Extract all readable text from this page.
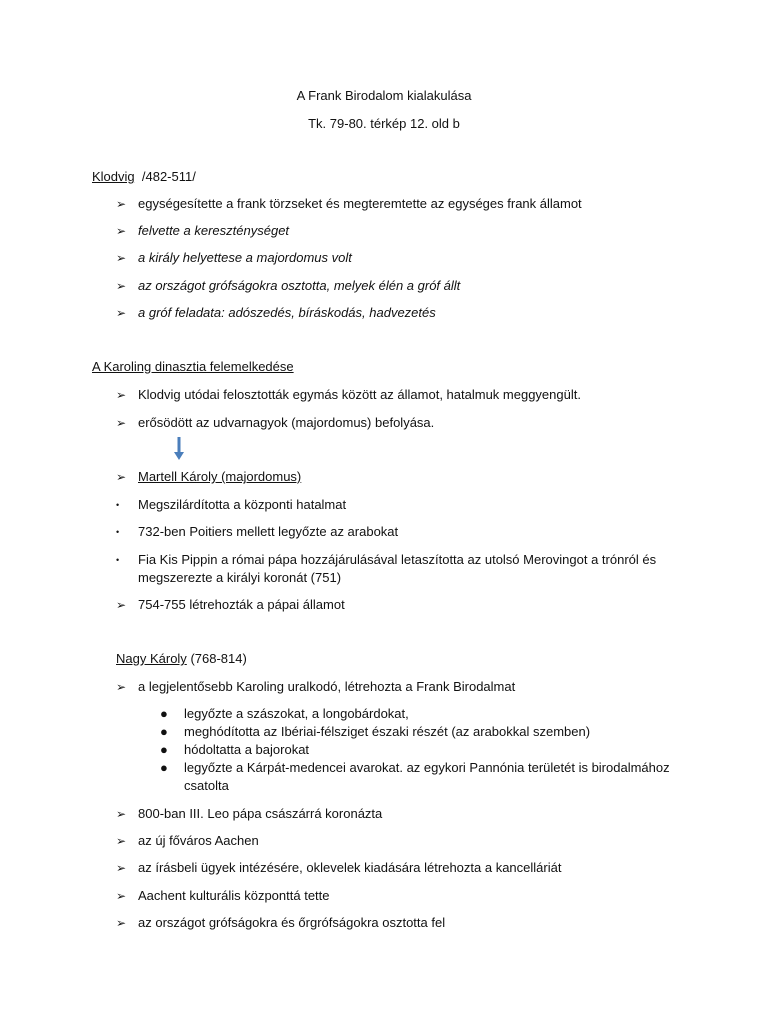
A Frank Birodalom kialakulása
Tk. 79-80. térkép 12. old b
Klodvig /482-511/
➢ egységesítette a frank törzseket és megteremtette az egységes frank államot
➢ felvette a kereszténységet
➢ a király helyettese a majordomus volt
➢ az országot grófságokra osztotta, melyek élén a gróf állt
➢ a gróf feladata: adószedés, bíráskodás, hadvezetés
A Karoling dinasztia felemelkedése
➢ Klodvig utódai felosztották egymás között az államot, hatalmuk meggyengült.
➢ erősödött az udvarnagyok (majordomus) befolyása.
➢ Martell Károly (majordomus)
•	Megszilárdította a központi hatalmat
•	732-ben Poitiers mellett legyőzte az arabokat
•	Fia Kis Pippin a római pápa hozzájárulásával letaszította az utolsó Merovingot a trónról és megszerezte a királyi koronát (751)
➢ 754-755 létrehozták a pápai államot
Nagy Károly (768-814)
➢ a legjelentősebb Karoling uralkodó, létrehozta a Frank Birodalmat
● legyőzte a szászokat, a longobárdokat,
● meghódította az Ibériai-félsziget északi részét (az arabokkal szemben)
● hódoltatta a bajorokat
● legyőzte a Kárpát-medencei avarokat. az egykori Pannónia területét is birodalmához csatolta
➢ 800-ban III. Leo pápa császárrá koronázta
➢ az új főváros Aachen
➢ az írásbeli ügyek intézésére, oklevelek kiadására létrehozta a kancelláriát
➢ Aachent kulturális központtá tette
➢ az országot grófságokra és őrgrófságokra osztotta fel
